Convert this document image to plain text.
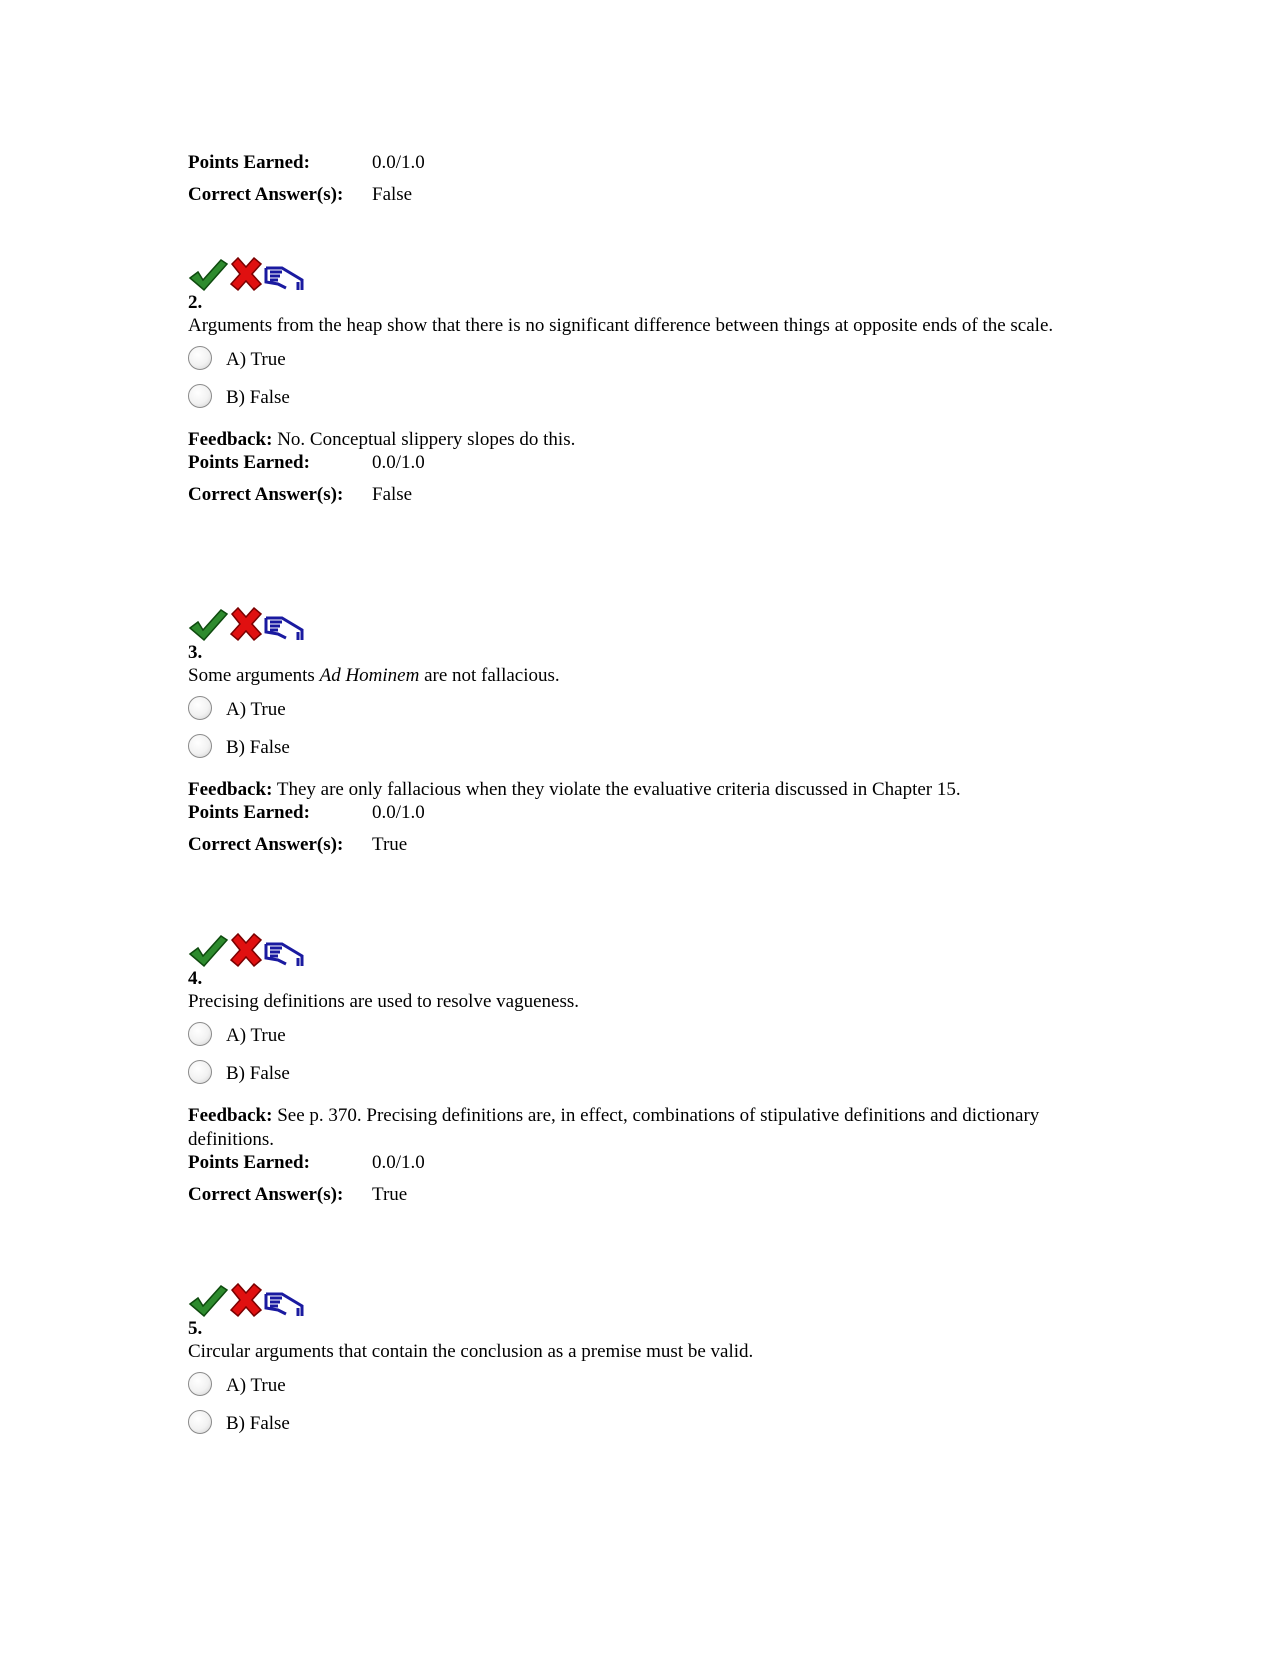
Points Earned:	0.0/1.0
Correct Answer(s):	False
2.
Arguments from the heap show that there is no significant difference between things at opposite ends of the scale.
A) True
B) False
Feedback: No. Conceptual slippery slopes do this.
Points Earned:	0.0/1.0
Correct Answer(s):	False
3.
Some arguments Ad Hominem are not fallacious.
A) True
B) False
Feedback: They are only fallacious when they violate the evaluative criteria discussed in Chapter 15.
Points Earned:	0.0/1.0
Correct Answer(s):	True
4.
Precising definitions are used to resolve vagueness.
A) True
B) False
Feedback: See p. 370. Precising definitions are, in effect, combinations of stipulative definitions and dictionary definitions.
Points Earned:	0.0/1.0
Correct Answer(s):	True
5.
Circular arguments that contain the conclusion as a premise must be valid.
A) True
B) False
